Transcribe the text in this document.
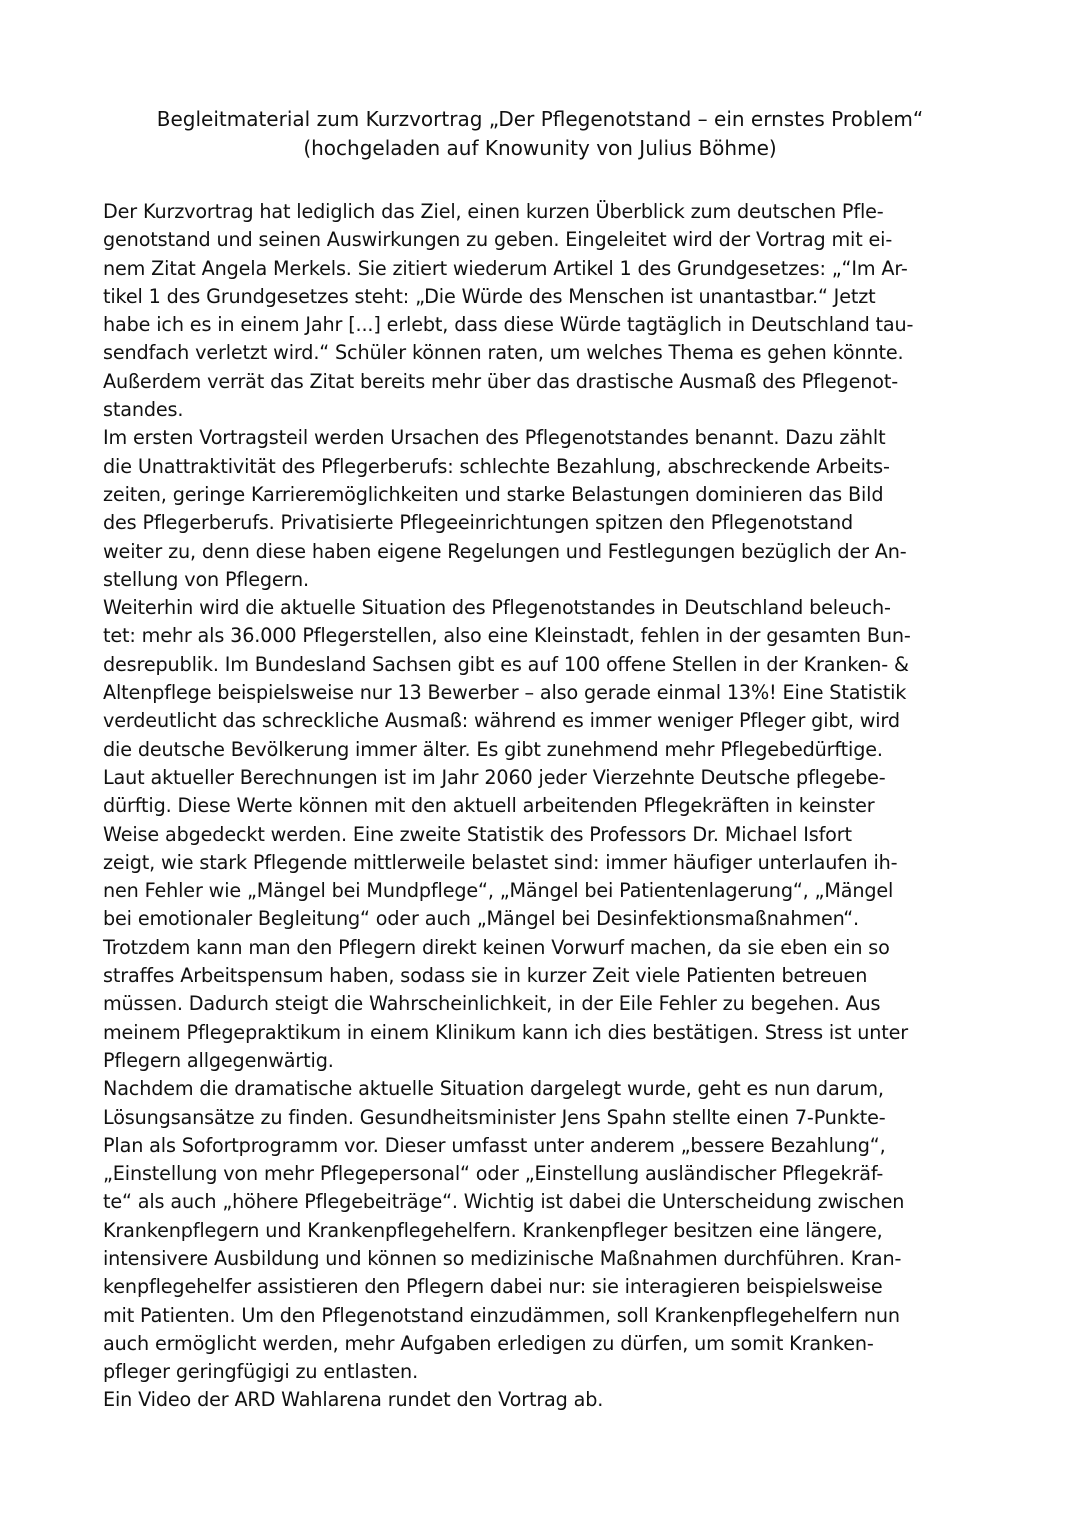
Begleitmaterial zum Kurzvortrag „Der Pflegenotstand – ein ernstes Problem“
(hochgeladen auf Knowunity von Julius Böhme)
Der Kurzvortrag hat lediglich das Ziel, einen kurzen Überblick zum deutschen Pfle-
genotstand und seinen Auswirkungen zu geben. Eingeleitet wird der Vortrag mit ei-
nem Zitat Angela Merkels. Sie zitiert wiederum Artikel 1 des Grundgesetzes: „“Im Ar-
tikel 1 des Grundgesetzes steht: „Die Würde des Menschen ist unantastbar.“ Jetzt
habe ich es in einem Jahr [...] erlebt, dass diese Würde tagtäglich in Deutschland tau-
sendfach verletzt wird.“ Schüler können raten, um welches Thema es gehen könnte.
Außerdem verrät das Zitat bereits mehr über das drastische Ausmaß des Pflegenot-
standes.
Im ersten Vortragsteil werden Ursachen des Pflegenotstandes benannt. Dazu zählt
die Unattraktivität des Pflegerberufs: schlechte Bezahlung, abschreckende Arbeits-
zeiten, geringe Karrieremöglichkeiten und starke Belastungen dominieren das Bild
des Pflegerberufs. Privatisierte Pflegeeinrichtungen spitzen den Pflegenotstand
weiter zu, denn diese haben eigene Regelungen und Festlegungen bezüglich der An-
stellung von Pflegern.
Weiterhin wird die aktuelle Situation des Pflegenotstandes in Deutschland beleuch-
tet: mehr als 36.000 Pflegerstellen, also eine Kleinstadt, fehlen in der gesamten Bun-
desrepublik. Im Bundesland Sachsen gibt es auf 100 offene Stellen in der Kranken- &
Altenpflege beispielsweise nur 13 Bewerber – also gerade einmal 13%! Eine Statistik
verdeutlicht das schreckliche Ausmaß: während es immer weniger Pfleger gibt, wird
die deutsche Bevölkerung immer älter. Es gibt zunehmend mehr Pflegebedürftige.
Laut aktueller Berechnungen ist im Jahr 2060 jeder Vierzehnte Deutsche pflegebe-
dürftig. Diese Werte können mit den aktuell arbeitenden Pflegekräften in keinster
Weise abgedeckt werden. Eine zweite Statistik des Professors Dr. Michael Isfort
zeigt, wie stark Pflegende mittlerweile belastet sind: immer häufiger unterlaufen ih-
nen Fehler wie „Mängel bei Mundpflege“, „Mängel bei Patientenlagerung“, „Mängel
bei emotionaler Begleitung“ oder auch „Mängel bei Desinfektionsmaßnahmen“.
Trotzdem kann man den Pflegern direkt keinen Vorwurf machen, da sie eben ein so
straffes Arbeitspensum haben, sodass sie in kurzer Zeit viele Patienten betreuen
müssen. Dadurch steigt die Wahrscheinlichkeit, in der Eile Fehler zu begehen. Aus
meinem Pflegepraktikum in einem Klinikum kann ich dies bestätigen. Stress ist unter
Pflegern allgegenwärtig.
Nachdem die dramatische aktuelle Situation dargelegt wurde, geht es nun darum,
Lösungsansätze zu finden. Gesundheitsminister Jens Spahn stellte einen 7-Punkte-
Plan als Sofortprogramm vor. Dieser umfasst unter anderem „bessere Bezahlung“,
„Einstellung von mehr Pflegepersonal“ oder „Einstellung ausländischer Pflegekräf-
te“ als auch „höhere Pflegebeiträge“. Wichtig ist dabei die Unterscheidung zwischen
Krankenpflegern und Krankenpflegehelfern. Krankenpfleger besitzen eine längere,
intensivere Ausbildung und können so medizinische Maßnahmen durchführen. Kran-
kenpflegehelfer assistieren den Pflegern dabei nur: sie interagieren beispielsweise
mit Patienten. Um den Pflegenotstand einzudämmen, soll Krankenpflegehelfern nun
auch ermöglicht werden, mehr Aufgaben erledigen zu dürfen, um somit Kranken-
pfleger geringfügigi zu entlasten.
Ein Video der ARD Wahlarena rundet den Vortrag ab.
